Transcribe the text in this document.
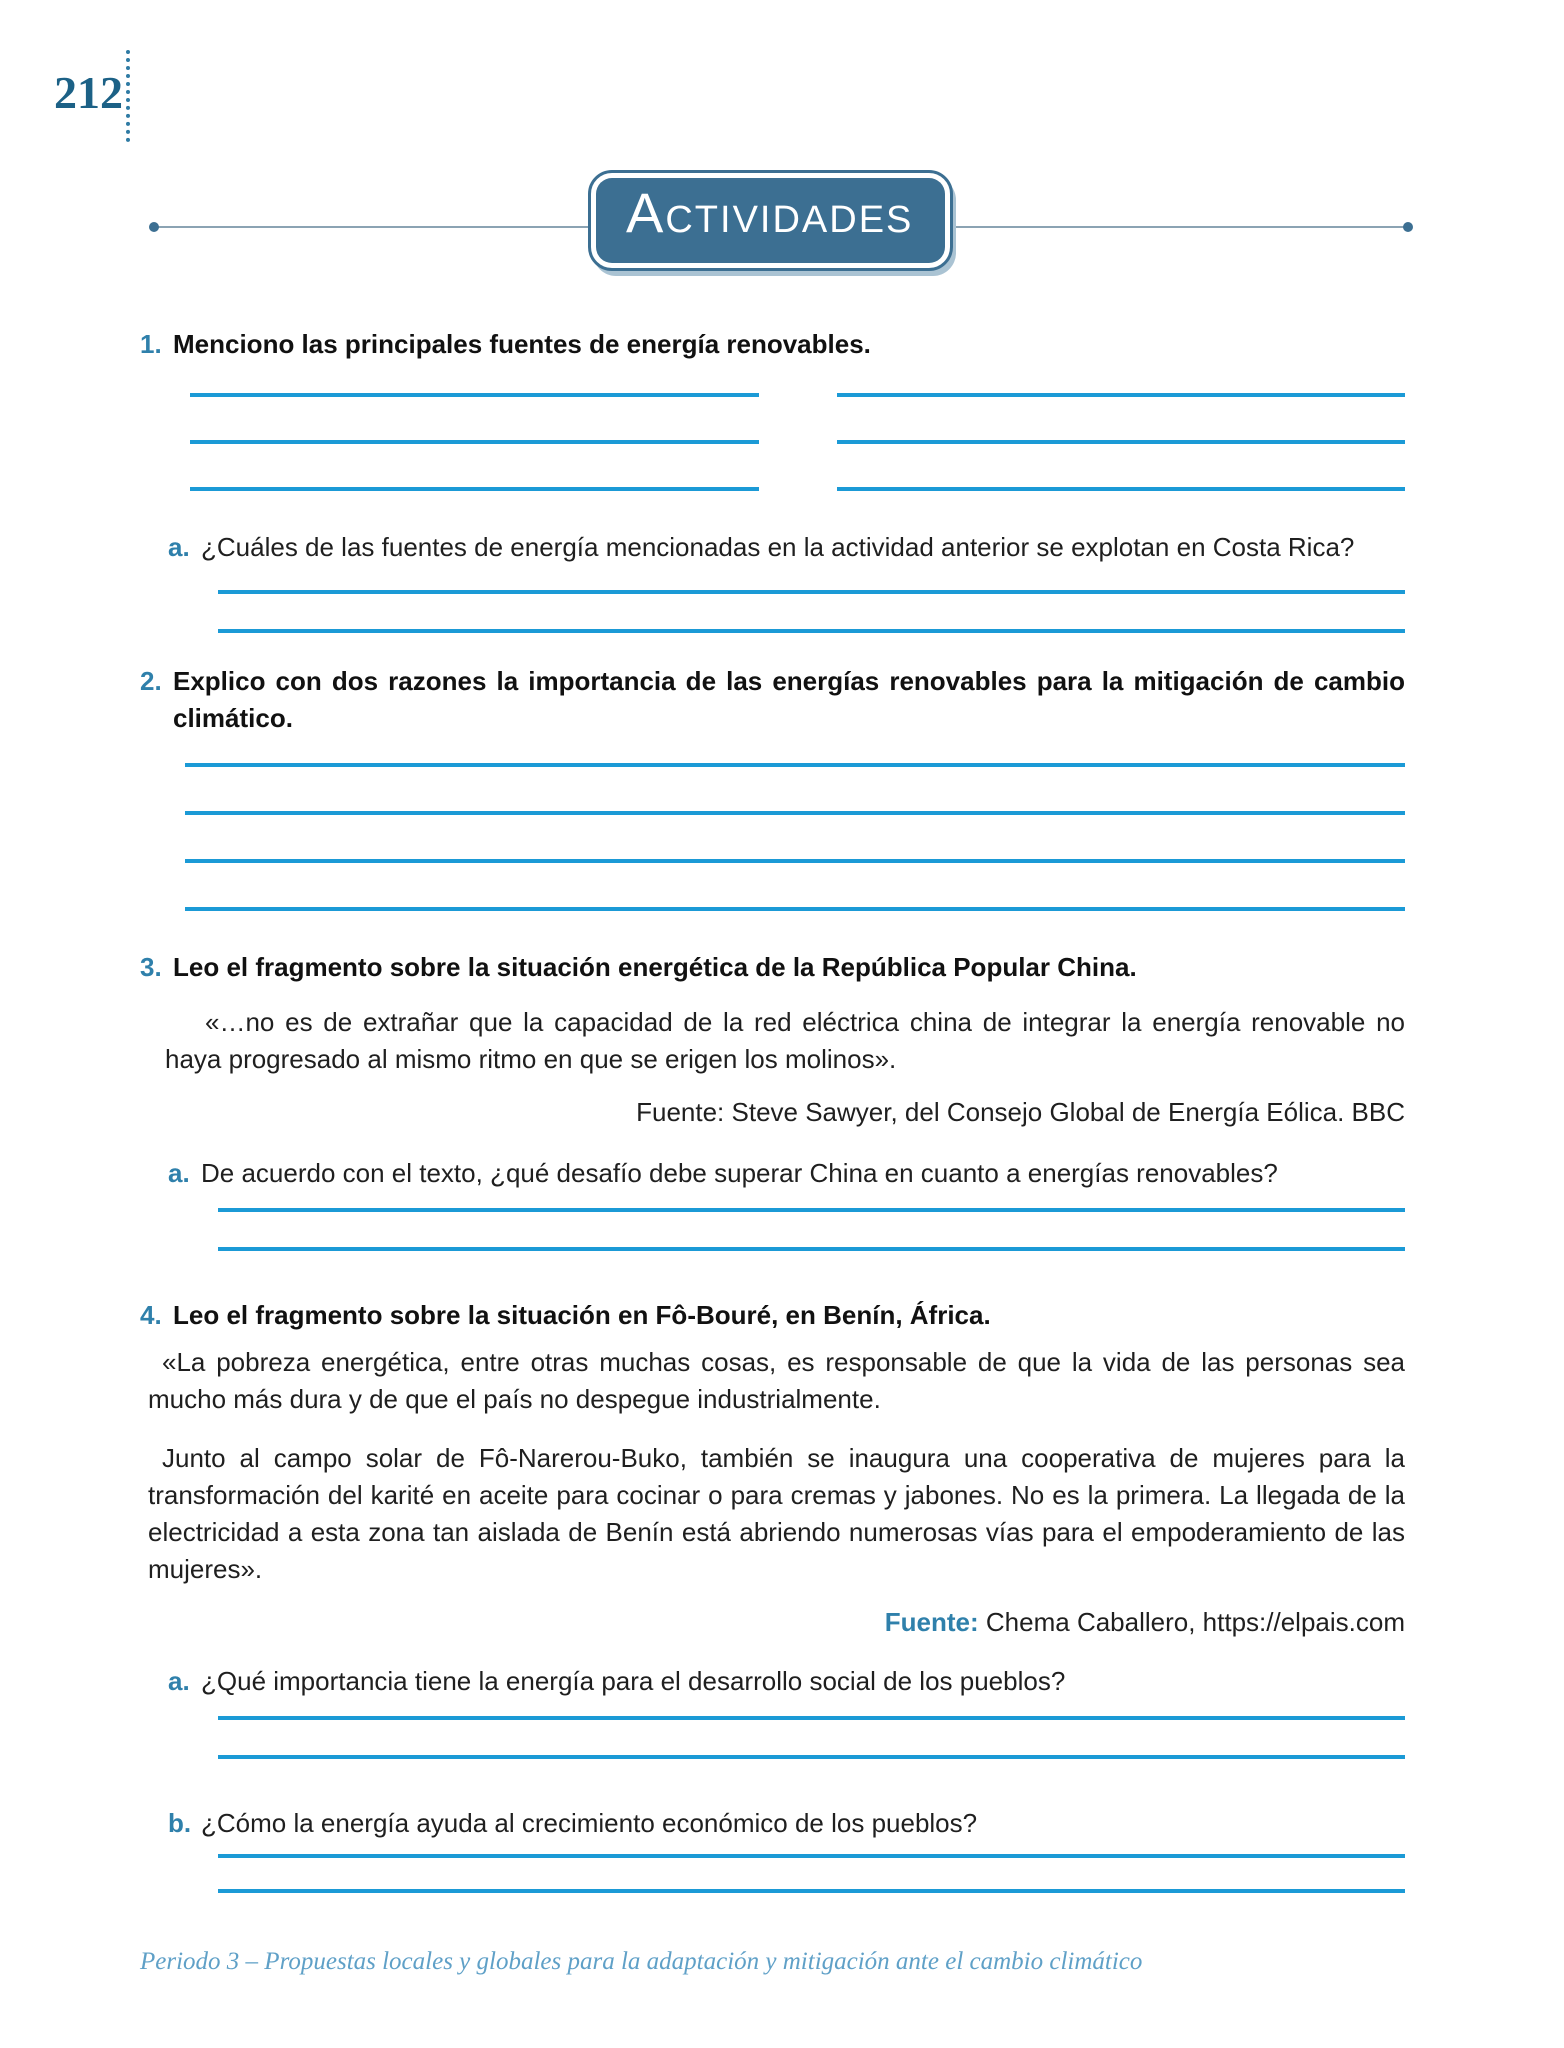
212
ACTIVIDADES
1. Menciono las principales fuentes de energía renovables.
a. ¿Cuáles de las fuentes de energía mencionadas en la actividad anterior se explotan en Costa Rica?
2. Explico con dos razones la importancia de las energías renovables para la mitigación de cambio climático.
3. Leo el fragmento sobre la situación energética de la República Popular China.
«…no es de extrañar que la capacidad de la red eléctrica china de integrar la energía renovable no haya progresado al mismo ritmo en que se erigen los molinos».
Fuente: Steve Sawyer, del Consejo Global de Energía Eólica. BBC
a. De acuerdo con el texto, ¿qué desafío debe superar China en cuanto a energías renovables?
4. Leo el fragmento sobre la situación en Fô-Bouré, en Benín, África.
«La pobreza energética, entre otras muchas cosas, es responsable de que la vida de las personas sea mucho más dura y de que el país no despegue industrialmente.
Junto al campo solar de Fô-Narerou-Buko, también se inaugura una cooperativa de mujeres para la transformación del karité en aceite para cocinar o para cremas y jabones. No es la primera. La llegada de la electricidad a esta zona tan aislada de Benín está abriendo numerosas vías para el empoderamiento de las mujeres».
Fuente: Chema Caballero, https://elpais.com
a. ¿Qué importancia tiene la energía para el desarrollo social de los pueblos?
b. ¿Cómo la energía ayuda al crecimiento económico de los pueblos?
Periodo 3 – Propuestas locales y globales para la adaptación y mitigación ante el cambio climático
